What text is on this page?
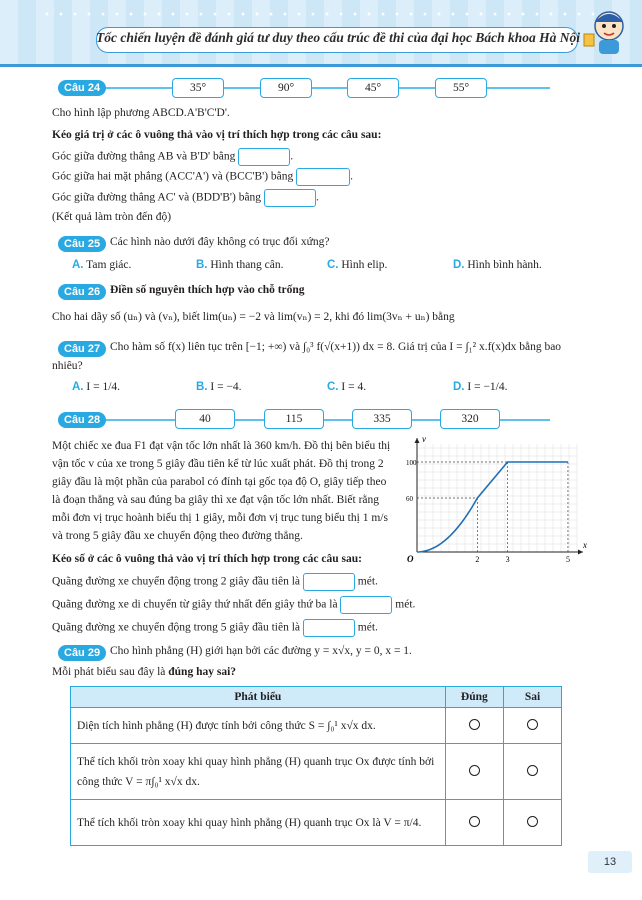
Tốc chiến luyện đề đánh giá tư duy theo cấu trúc đề thi của đại học Bách khoa Hà Nội
Câu 24	35°	90°	45°	55°
Cho hình lập phương ABCD.A'B'C'D'.
Kéo giá trị ở các ô vuông thả vào vị trí thích hợp trong các câu sau:
Góc giữa đường thẳng AB và B'D' bằng	.
Góc giữa hai mặt phẳng (ACC'A') và (BCC'B') bằng	.
Góc giữa đường thẳng AC' và (BDD'B') bằng	.
(Kết quả làm tròn đến độ)
Câu 25 Các hình nào dưới đây không có trục đối xứng?
A. Tam giác.	B. Hình thang cân.	C. Hình elip.	D. Hình bình hành.
Câu 26 Điền số nguyên thích hợp vào chỗ trống
Cho hai dãy số (uₙ) và (vₙ), biết lim(uₙ) = −2 và lim(vₙ) = 2, khi đó lim(3vₙ + uₙ) bằng
Câu 27 Cho hàm số f(x) liên tục trên [−1; +∞) và ∫₀³ f(√(x+1)) dx = 8. Giá trị của I = ∫₁² x.f(x)dx bằng bao
nhiêu?
A. I = 1/4.	B. I = −4.	C. I = 4.	D. I = −1/4.
Câu 28	40	115	335	320
Một chiếc xe đua F1 đạt vận tốc lớn nhất là 360 km/h. Đồ thị bên biểu thị
vận tốc v của xe trong 5 giây đầu tiên kể từ lúc xuất phát. Đồ thị trong 2
giây đầu là một phần của parabol có đỉnh tại gốc tọa độ O, giây tiếp theo
là đoạn thẳng và sau đúng ba giây thì xe đạt vận tốc lớn nhất. Biết rằng
mỗi đơn vị trục hoành biểu thị 1 giây, mỗi đơn vị trục tung biểu thị 1 m/s
và trong 5 giây đầu xe chuyển động theo đường thẳng.
x
v
O	2	3	5
60
100
Kéo số ở các ô vuông thả vào vị trí thích hợp trong các câu sau:
Quãng đường xe chuyển động trong 2 giây đầu tiên là	mét.
Quãng đường xe di chuyển từ giây thứ nhất đến giây thứ ba là	mét.
Quãng đường xe chuyển động trong 5 giây đầu tiên là	mét.
Câu 29 Cho hình phẳng (H) giới hạn bởi các đường y = x√x, y = 0, x = 1.
Mỗi phát biểu sau đây là đúng hay sai?
Phát biểu	Đúng	Sai
Diện tích hình phẳng (H) được tính bởi công thức S = ∫₀¹ x√x dx.		

Thể tích khối tròn xoay khi quay hình phẳng (H) quanh trục Ox được tính bởi
công thức V = π∫₀¹ x√x dx.		

Thể tích khối tròn xoay khi quay hình phẳng (H) quanh trục Ox là V = π/4.		
13
